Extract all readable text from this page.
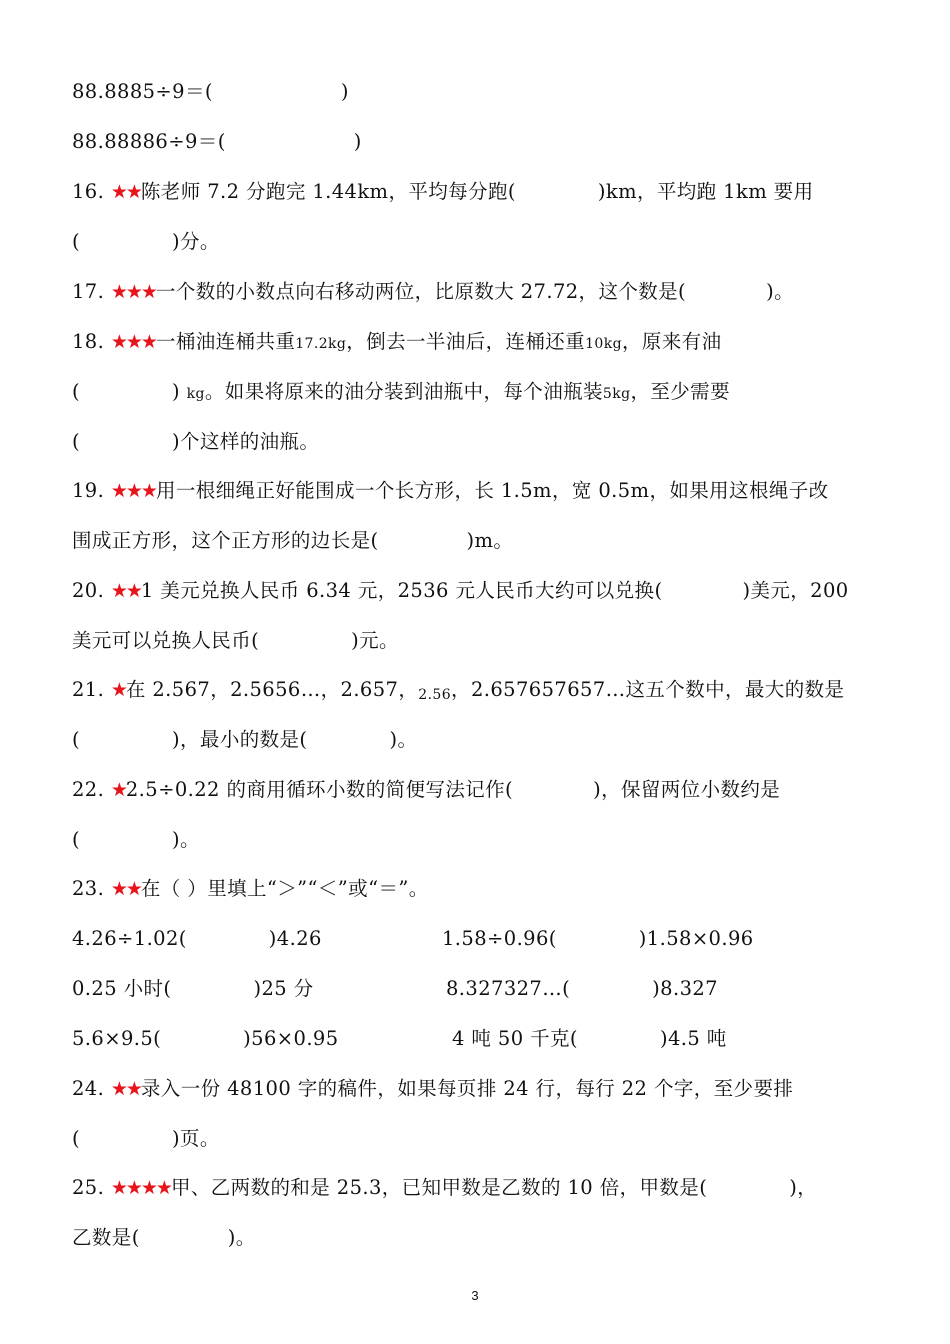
88.8885÷9＝(	)
88.88886÷9＝(	)
16. ★★陈老师 7.2 分跑完 1.44km，平均每分跑(	)km，平均跑 1km 要用
(	)分。
17. ★★★一个数的小数点向右移动两位，比原数大 27.72，这个数是(	)。
18. ★★★一桶油连桶共重17.2kg，倒去一半油后，连桶还重10kg，原来有油
(	) kg。如果将原来的油分装到油瓶中，每个油瓶装5kg，至少需要
(	)个这样的油瓶。
19. ★★★用一根细绳正好能围成一个长方形，长 1.5m，宽 0.5m，如果用这根绳子改
围成正方形，这个正方形的边长是(	)m。
20. ★★1 美元兑换人民币 6.34 元，2536 元人民币大约可以兑换(	)美元，200
美元可以兑换人民币(	)元。
21. ★在 2.567，2.5656…，2.657，2.56，2.657657657…这五个数中，最大的数是
(	)，最小的数是(	)。
22. ★2.5÷0.22 的商用循环小数的简便写法记作(	)，保留两位小数约是
(	)。
23. ★★在（ ）里填上“＞”“＜”或“＝”。
4.26÷1.02(	)4.26	1.58÷0.96(	)1.58×0.96
0.25 小时(	)25 分	8.327327…(	)8.327
5.6×9.5(	)56×0.95	4 吨 50 千克(	)4.5 吨
24. ★★录入一份 48100 字的稿件，如果每页排 24 行，每行 22 个字，至少要排
(	)页。
25. ★★★★甲、乙两数的和是 25.3，已知甲数是乙数的 10 倍，甲数是(	)，
乙数是(	)。
3
